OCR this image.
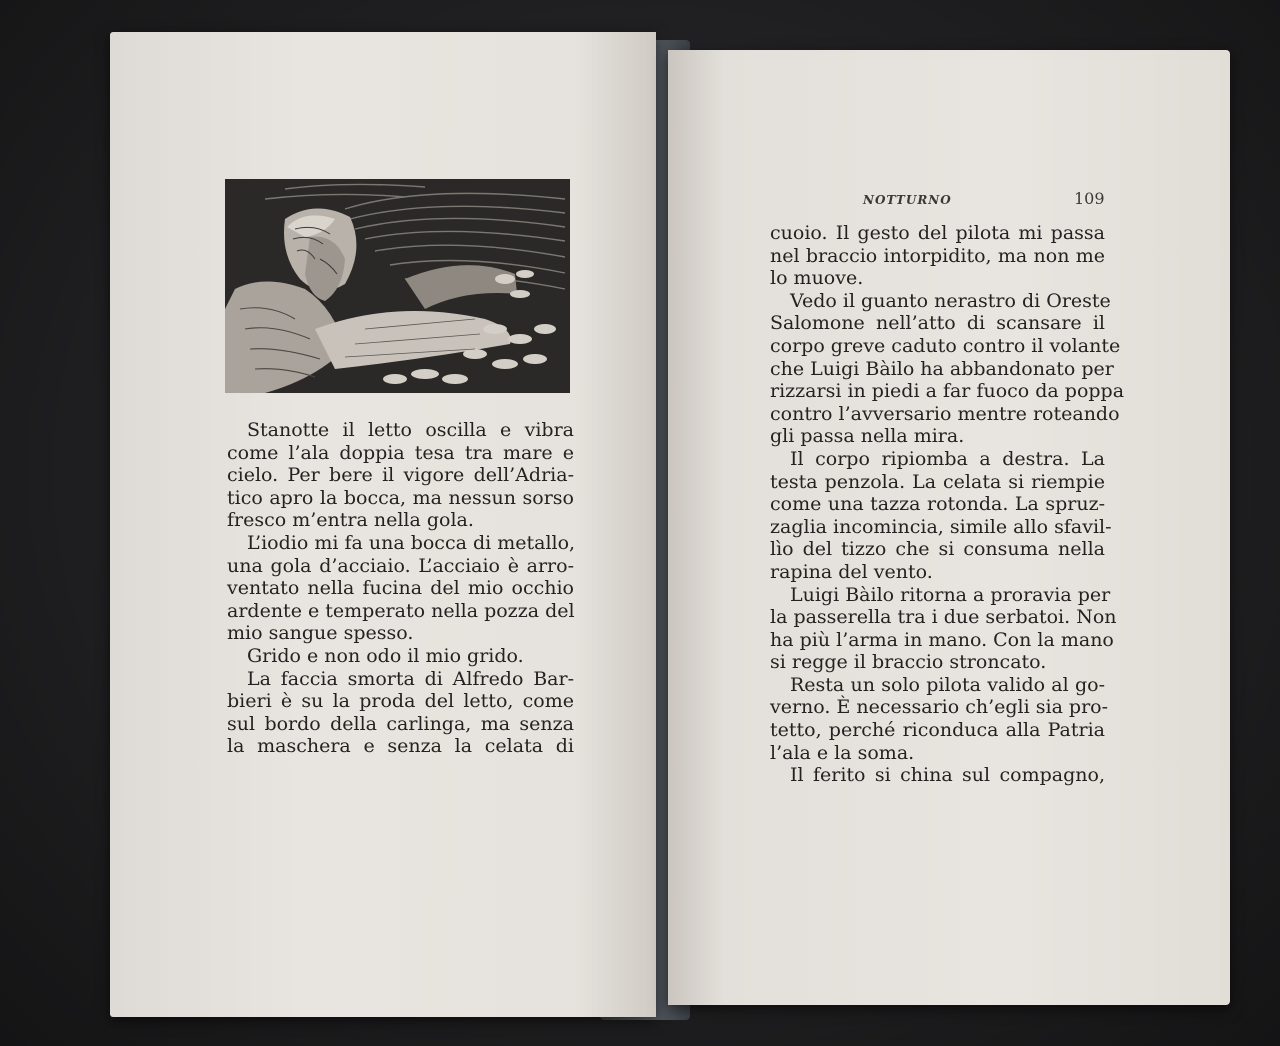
Stanotte il letto oscilla e vibra
come l’ala doppia tesa tra mare e
cielo. Per bere il vigore dell’Adria-
tico apro la bocca, ma nessun sorso
fresco m’entra nella gola.
L’iodio mi fa una bocca di metallo,
una gola d’acciaio. L’acciaio è arro-
ventato nella fucina del mio occhio
ardente e temperato nella pozza del
mio sangue spesso.
Grido e non odo il mio grido.
La faccia smorta di Alfredo Bar-
bieri è su la proda del letto, come
sul bordo della carlinga, ma senza
la maschera e senza la celata di
NOTTURNO	109
cuoio. Il gesto del pilota mi passa
nel braccio intorpidito, ma non me
lo muove.
Vedo il guanto nerastro di Oreste
Salomone nell’atto di scansare il
corpo greve caduto contro il volante
che Luigi Bàilo ha abbandonato per
rizzarsi in piedi a far fuoco da poppa
contro l’avversario mentre roteando
gli passa nella mira.
Il corpo ripiomba a destra. La
testa penzola. La celata si riempie
come una tazza rotonda. La spruz-
zaglia incomincia, simile allo sfavil-
lìo del tizzo che si consuma nella
rapina del vento.
Luigi Bàilo ritorna a proravia per
la passerella tra i due serbatoi. Non
ha più l’arma in mano. Con la mano
si regge il braccio stroncato.
Resta un solo pilota valido al go-
verno. È necessario ch’egli sia pro-
tetto, perché riconduca alla Patria
l’ala e la soma.
Il ferito si china sul compagno,
